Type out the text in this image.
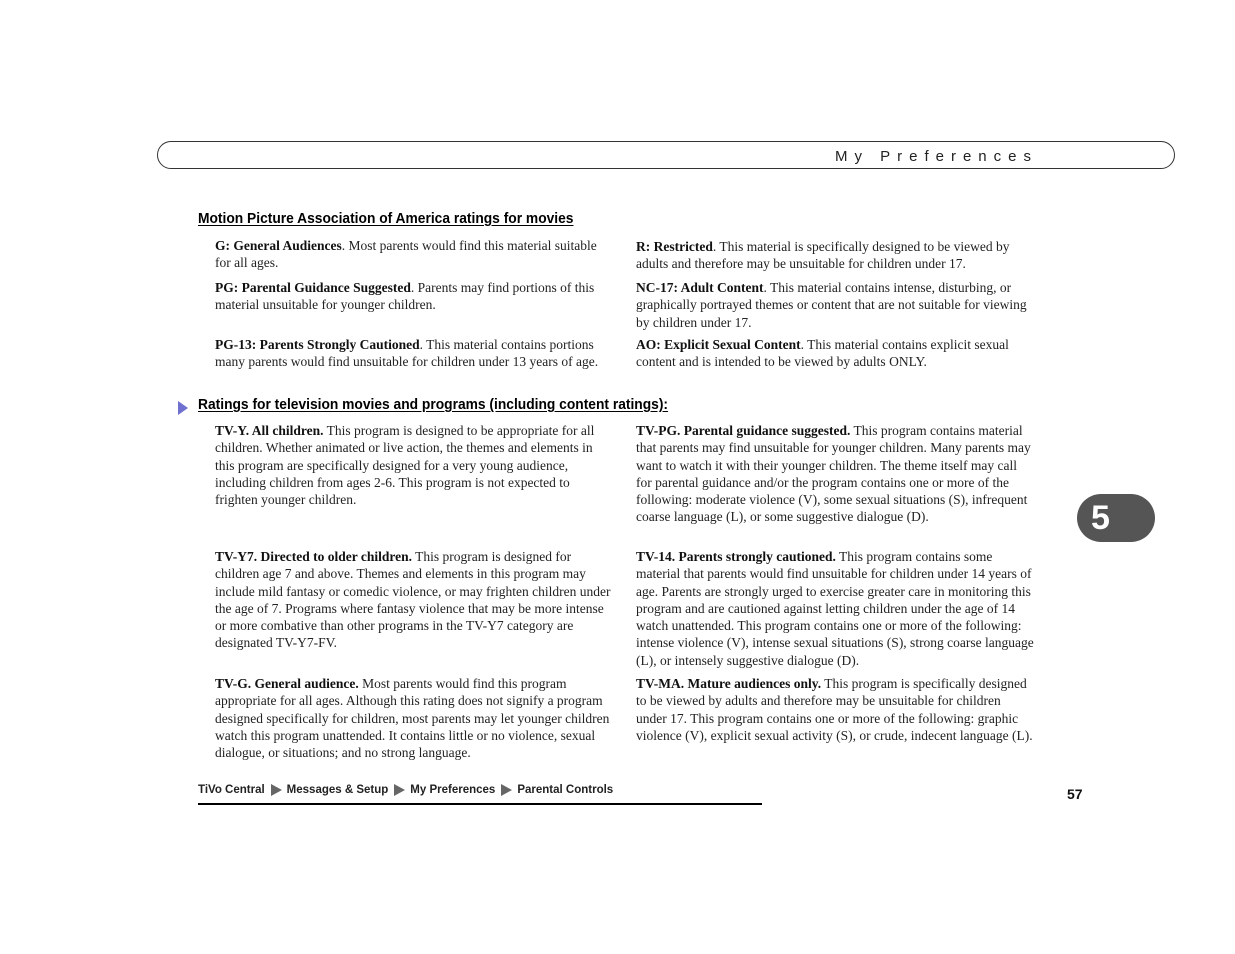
My Preferences
Motion Picture Association of America ratings for movies
G: General Audiences. Most parents would find this material suitable for all ages.
R: Restricted. This material is specifically designed to be viewed by adults and therefore may be unsuitable for children under 17.
PG: Parental Guidance Suggested. Parents may find portions of this material unsuitable for younger children.
NC-17: Adult Content. This material contains intense, disturbing, or graphically portrayed themes or content that are not suitable for viewing by children under 17.
PG-13: Parents Strongly Cautioned. This material contains portions many parents would find unsuitable for children under 13 years of age.
AO: Explicit Sexual Content. This material contains explicit sexual content and is intended to be viewed by adults ONLY.
Ratings for television movies and programs (including content ratings):
TV-Y. All children. This program is designed to be appropriate for all children. Whether animated or live action, the themes and elements in this program are specifically designed for a very young audience, including children from ages 2-6. This program is not expected to frighten younger children.
TV-PG. Parental guidance suggested. This program contains material that parents may find unsuitable for younger children. Many parents may want to watch it with their younger children. The theme itself may call for parental guidance and/or the program contains one or more of the following: moderate violence (V), some sexual situations (S), infrequent coarse language (L), or some suggestive dialogue (D).
TV-Y7. Directed to older children. This program is designed for children age 7 and above. Themes and elements in this program may include mild fantasy or comedic violence, or may frighten children under the age of 7. Programs where fantasy violence that may be more intense or more combative than other programs in the TV-Y7 category are designated TV-Y7-FV.
TV-14. Parents strongly cautioned. This program contains some material that parents would find unsuitable for children under 14 years of age. Parents are strongly urged to exercise greater care in monitoring this program and are cautioned against letting children under the age of 14 watch unattended. This program contains one or more of the following: intense violence (V), intense sexual situations (S), strong coarse language (L), or intensely suggestive dialogue (D).
TV-G. General audience. Most parents would find this program appropriate for all ages. Although this rating does not signify a program designed specifically for children, most parents may let younger children watch this program unattended. It contains little or no violence, sexual dialogue, or situations; and no strong language.
TV-MA. Mature audiences only. This program is specifically designed to be viewed by adults and therefore may be unsuitable for children under 17. This program contains one or more of the following: graphic violence (V), explicit sexual activity (S), or crude, indecent language (L).
5
TiVo Central Messages & Setup My Preferences Parental Controls	57
